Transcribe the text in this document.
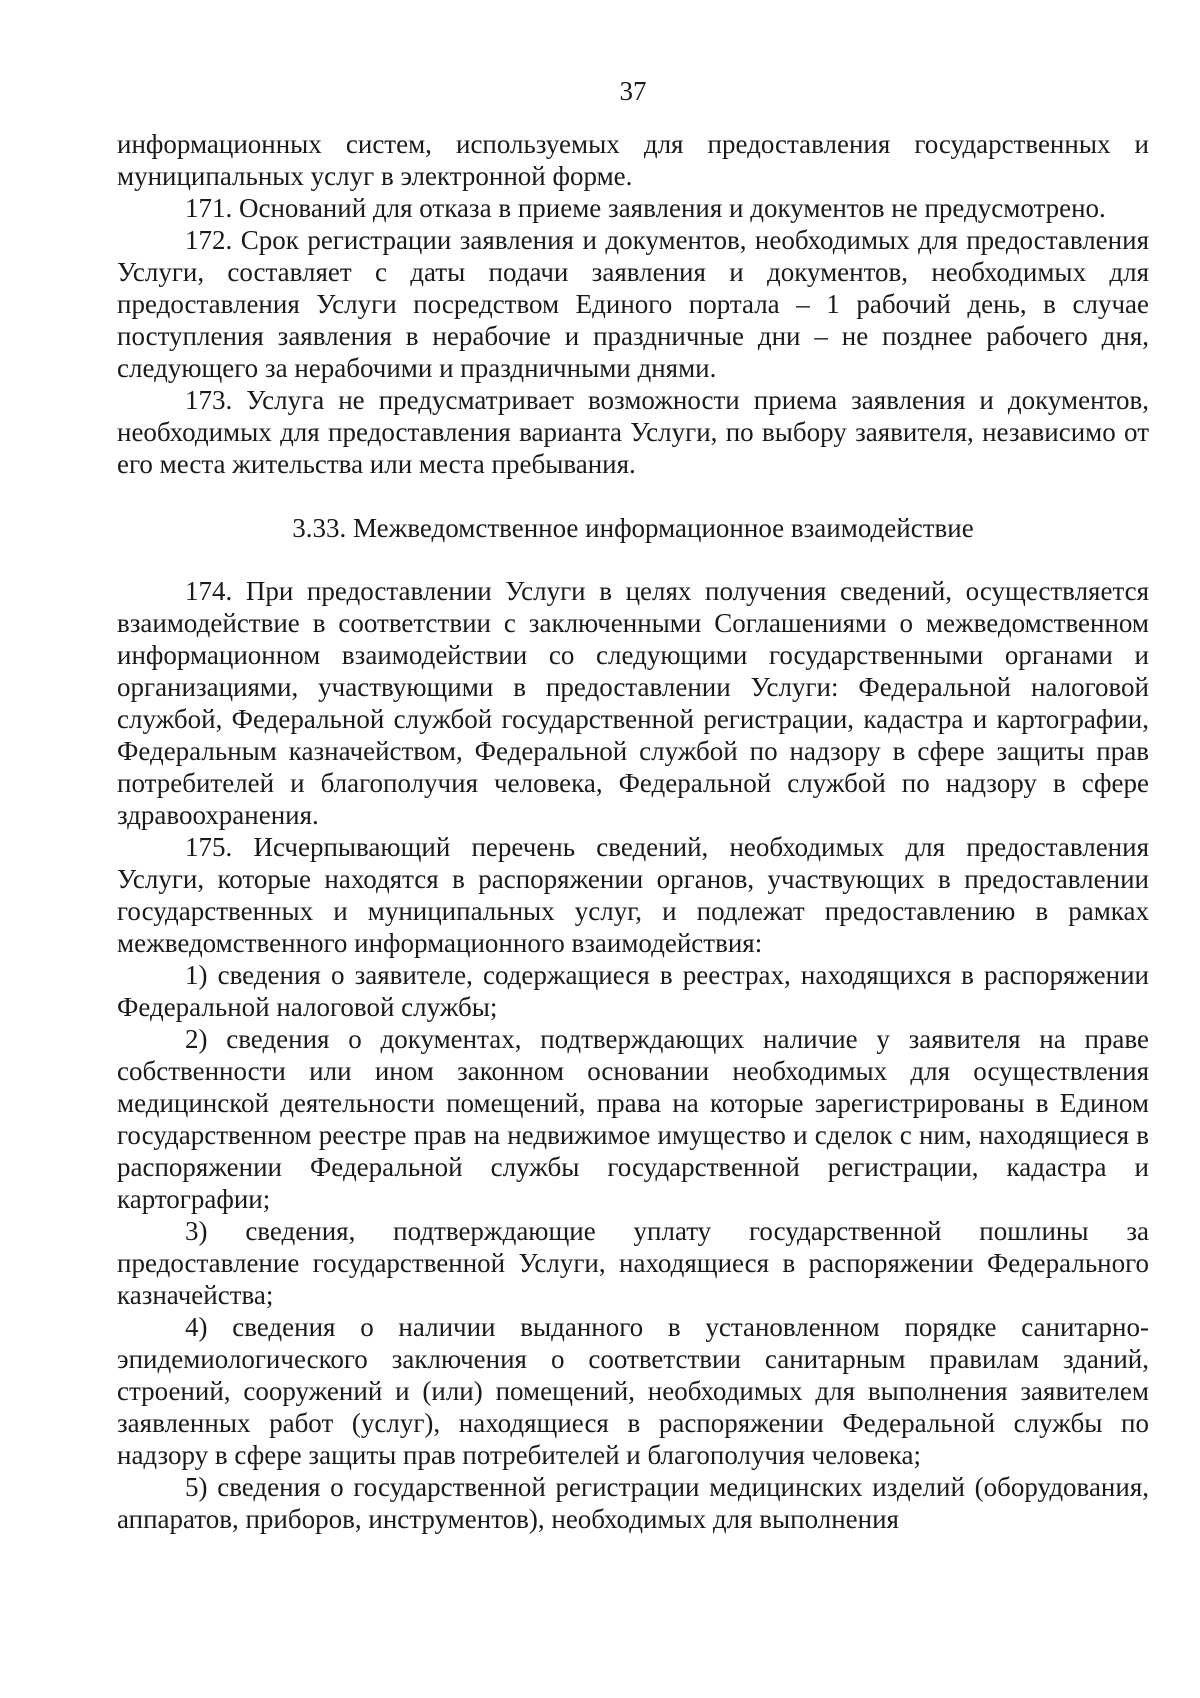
37

информационных систем, используемых для предоставления государственных и муниципальных услуг в электронной форме.

171. Оснований для отказа в приеме заявления и документов не предусмотрено.

172. Срок регистрации заявления и документов, необходимых для предоставления Услуги, составляет с даты подачи заявления и документов, необходимых для предоставления Услуги посредством Единого портала – 1 рабочий день, в случае поступления заявления в нерабочие и праздничные дни – не позднее рабочего дня, следующего за нерабочими и праздничными днями.

173. Услуга не предусматривает возможности приема заявления и документов, необходимых для предоставления варианта Услуги, по выбору заявителя, независимо от его места жительства или места пребывания.

3.33. Межведомственное информационное взаимодействие

174. При предоставлении Услуги в целях получения сведений, осуществляется взаимодействие в соответствии с заключенными Соглашениями о межведомственном информационном взаимодействии со следующими государственными органами и организациями, участвующими в предоставлении Услуги: Федеральной налоговой службой, Федеральной службой государственной регистрации, кадастра и картографии, Федеральным казначейством, Федеральной службой по надзору в сфере защиты прав потребителей и благополучия человека, Федеральной службой по надзору в сфере здравоохранения.

175. Исчерпывающий перечень сведений, необходимых для предоставления Услуги, которые находятся в распоряжении органов, участвующих в предоставлении государственных и муниципальных услуг, и подлежат предоставлению в рамках межведомственного информационного взаимодействия:

1) сведения о заявителе, содержащиеся в реестрах, находящихся в распоряжении Федеральной налоговой службы;

2) сведения о документах, подтверждающих наличие у заявителя на праве собственности или ином законном основании необходимых для осуществления медицинской деятельности помещений, права на которые зарегистрированы в Едином государственном реестре прав на недвижимое имущество и сделок с ним, находящиеся в распоряжении Федеральной службы государственной регистрации, кадастра и картографии;

3) сведения, подтверждающие уплату государственной пошлины за предоставление государственной Услуги, находящиеся в распоряжении Федерального казначейства;

4) сведения о наличии выданного в установленном порядке санитарно-эпидемиологического заключения о соответствии санитарным правилам зданий, строений, сооружений и (или) помещений, необходимых для выполнения заявителем заявленных работ (услуг), находящиеся в распоряжении Федеральной службы по надзору в сфере защиты прав потребителей и благополучия человека;

5) сведения о государственной регистрации медицинских изделий (оборудования, аппаратов, приборов, инструментов), необходимых для выполнения
